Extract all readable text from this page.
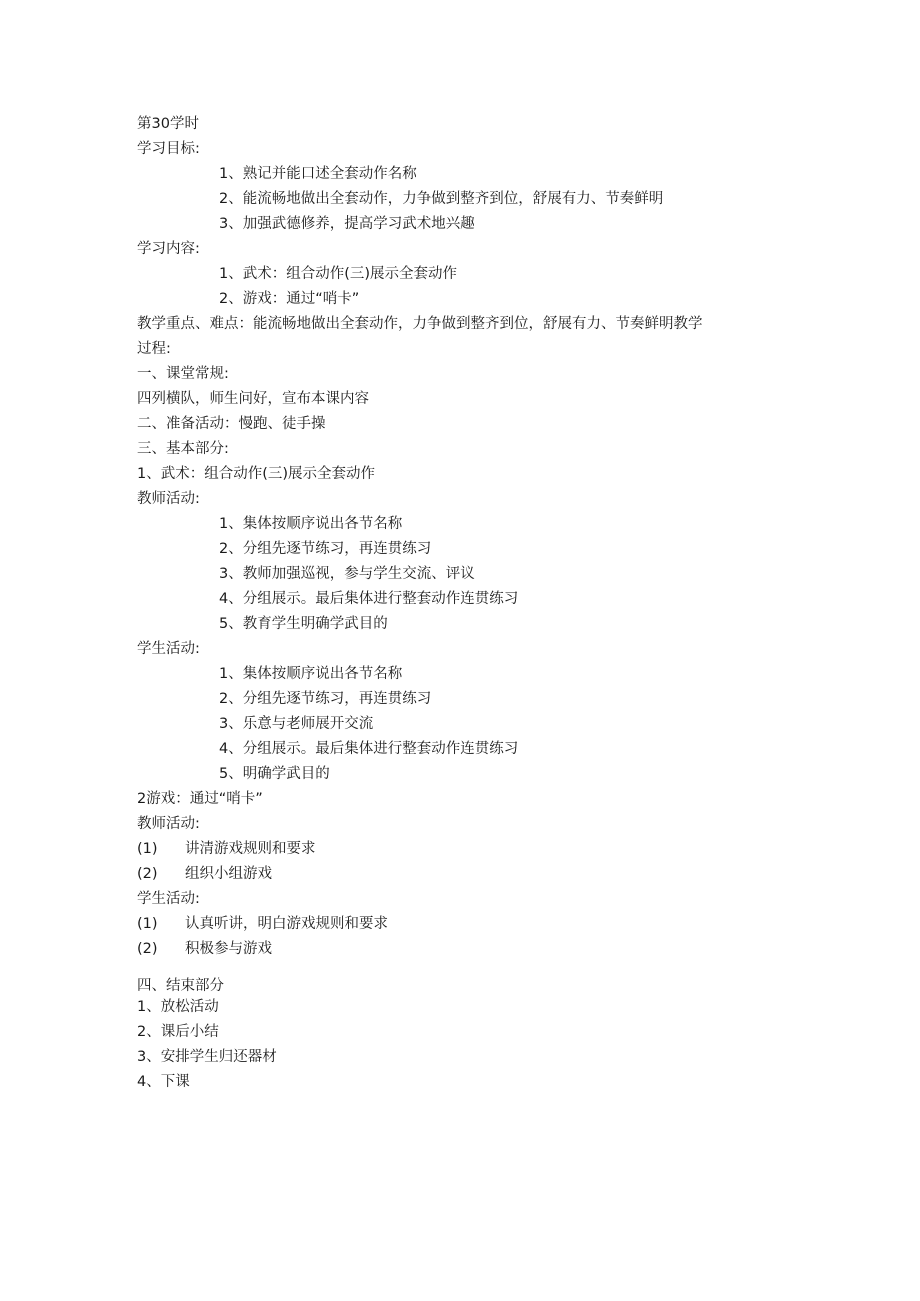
第30学时
学习目标:
1、熟记并能口述全套动作名称
2、能流畅地做出全套动作，力争做到整齐到位，舒展有力、节奏鲜明
3、加强武德修养，提高学习武术地兴趣
学习内容:
1、武术：组合动作(三)展示全套动作
2、游戏：通过“哨卡”
教学重点、难点：能流畅地做出全套动作，力争做到整齐到位，舒展有力、节奏鲜明教学
过程:
一、课堂常规:
四列横队，师生问好，宣布本课内容
二、准备活动：慢跑、徒手操
三、基本部分:
1、武术：组合动作(三)展示全套动作
教师活动:
1、集体按顺序说出各节名称
2、分组先逐节练习，再连贯练习
3、教师加强巡视，参与学生交流、评议
4、分组展示。最后集体进行整套动作连贯练习
5、教育学生明确学武目的
学生活动:
1、集体按顺序说出各节名称
2、分组先逐节练习，再连贯练习
3、乐意与老师展开交流
4、分组展示。最后集体进行整套动作连贯练习
5、明确学武目的
2游戏：通过“哨卡”
教师活动:
(1) 讲清游戏规则和要求
(2) 组织小组游戏
学生活动:
(1) 认真听讲，明白游戏规则和要求
(2) 积极参与游戏
四、结束部分
1、放松活动
2、课后小结
3、安排学生归还器材
4、下课
